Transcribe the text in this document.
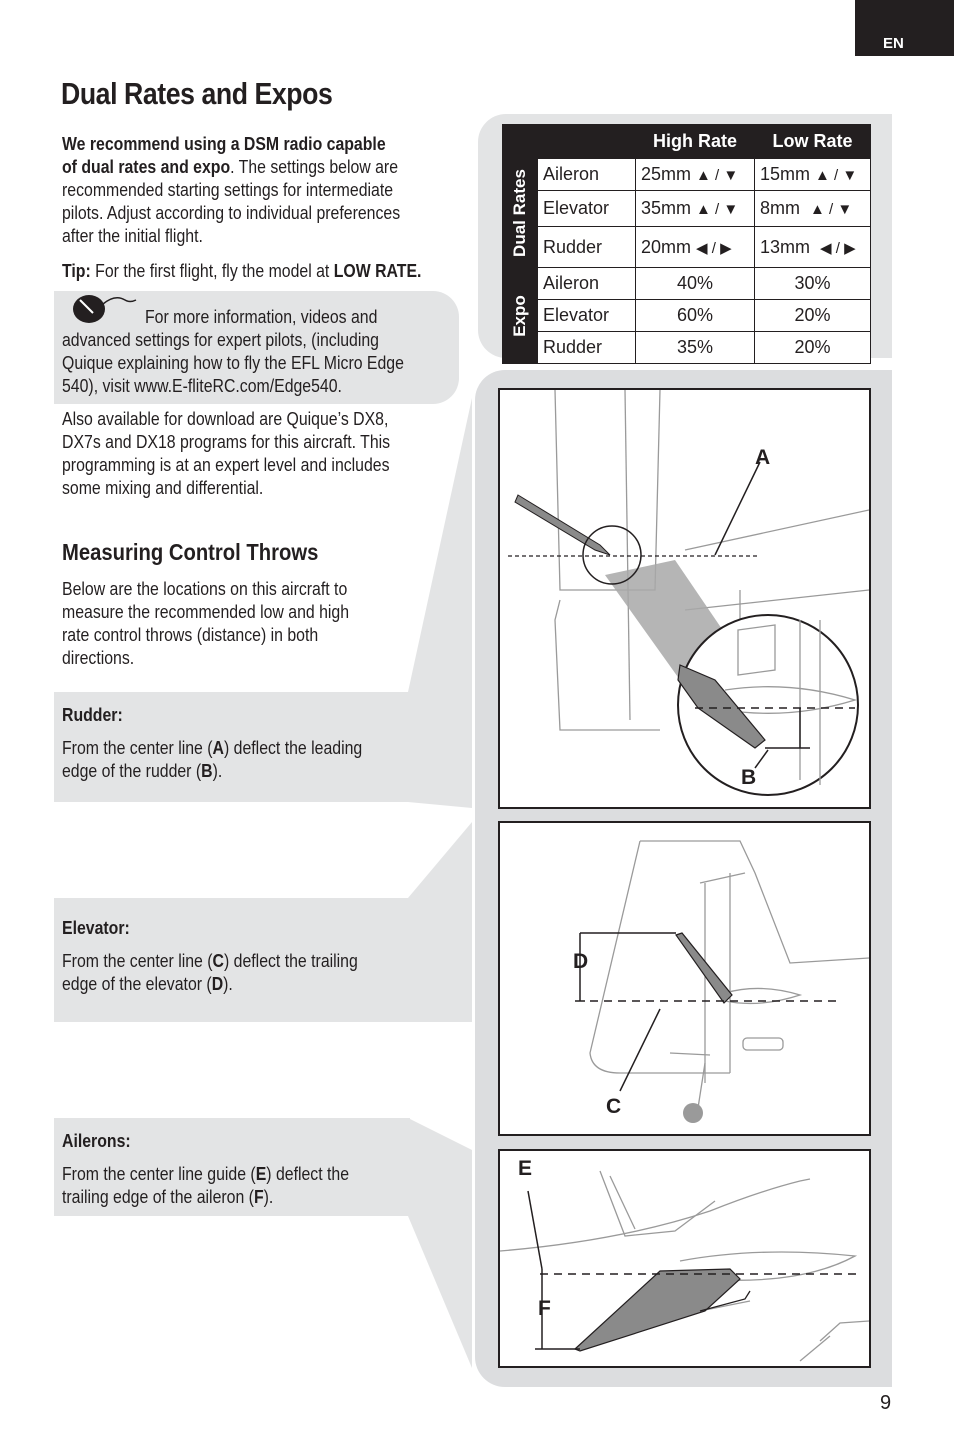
EN
Dual Rates and Expos
We recommend using a DSM radio capable
of dual rates and expo. The settings below are
recommended starting settings for intermediate
pilots. Adjust according to individual preferences
after the initial flight.
Tip: For the first flight, fly the model at LOW RATE.
For more information, videos and
advanced settings for expert pilots, (including
Quique explaining how to fly the EFL Micro Edge
540), visit www.E-fliteRC.com/Edge540.
Also available for download are Quique’s DX8,
DX7s and DX18 programs for this aircraft. This
programming is at an expert level and includes
some mixing and differential.
Measuring Control Throws
Below are the locations on this aircraft to
measure the recommended low and high
rate control throws (distance) in both
directions.
Rudder:
From the center line (A) deflect the leading
edge of the rudder (B).
Elevator:
From the center line (C) deflect the trailing
edge of the elevator (D).
Ailerons:
From the center line guide (E) deflect the
trailing edge of the aileron (F).
		High Rate	Low Rate

Dual Rates	Aileron	25mm ▲ / ▼	15mm ▲ / ▼
	Elevator	35mm ▲ / ▼	8mm ▲ / ▼
	Rudder	20mm ◀ / ▶	13mm ◀ / ▶

Expo	Aileron	40%	30%
	Elevator	60%	20%
	Rudder	35%	20%
A
B
D
C
E
F
9
